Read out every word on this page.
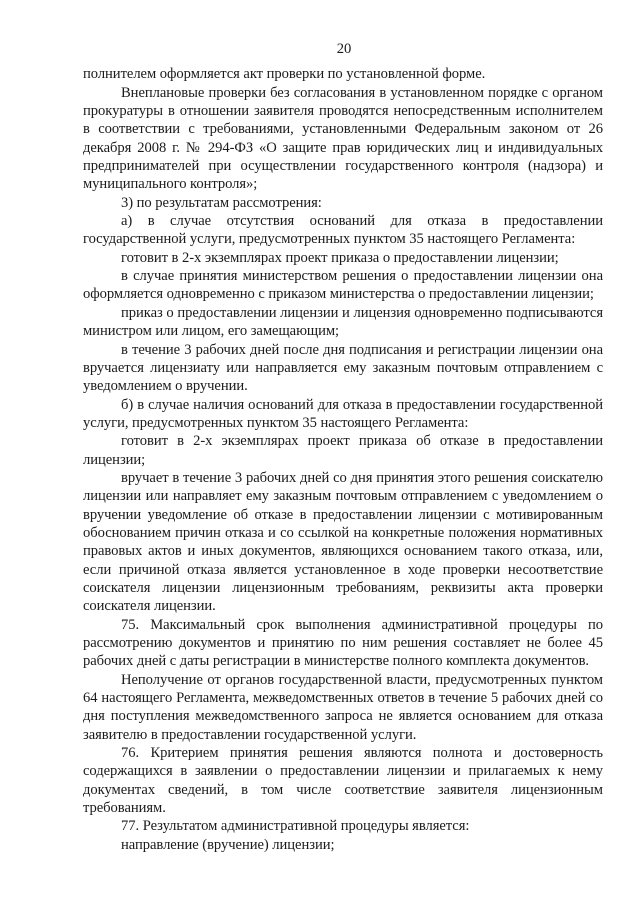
20

полнителем оформляется акт проверки по установленной форме.

Внеплановые проверки без согласования в установленном порядке с органом прокуратуры в отношении заявителя проводятся непосредственным исполнителем в соответствии с требованиями, установленными Федеральным законом от 26 декабря 2008 г. № 294-ФЗ «О защите прав юридических лиц и индивидуальных предпринимателей при осуществлении государственного контроля (надзора) и муниципального контроля»;

3) по результатам рассмотрения:

а) в случае отсутствия оснований для отказа в предоставлении государственной услуги, предусмотренных пунктом 35 настоящего Регламента:

готовит в 2-х экземплярах проект приказа о предоставлении лицензии;

в случае принятия министерством решения о предоставлении лицензии она оформляется одновременно с приказом министерства о предоставлении лицензии;

приказ о предоставлении лицензии и лицензия одновременно подписываются министром или лицом, его замещающим;

в течение 3 рабочих дней после дня подписания и регистрации лицензии она вручается лицензиату или направляется ему заказным почтовым отправлением с уведомлением о вручении.

б) в случае наличия оснований для отказа в предоставлении государственной услуги, предусмотренных пунктом 35 настоящего Регламента:

готовит в 2-х экземплярах проект приказа об отказе в предоставлении лицензии;

вручает в течение 3 рабочих дней со дня принятия этого решения соискателю лицензии или направляет ему заказным почтовым отправлением с уведомлением о вручении уведомление об отказе в предоставлении лицензии с мотивированным обоснованием причин отказа и со ссылкой на конкретные положения нормативных правовых актов и иных документов, являющихся основанием такого отказа, или, если причиной отказа является установленное в ходе проверки несоответствие соискателя лицензии лицензионным требованиям, реквизиты акта проверки соискателя лицензии.

75. Максимальный срок выполнения административной процедуры по рассмотрению документов и принятию по ним решения составляет не более 45 рабочих дней с даты регистрации в министерстве полного комплекта документов.

Неполучение от органов государственной власти, предусмотренных пунктом 64 настоящего Регламента, межведомственных ответов в течение 5 рабочих дней со дня поступления межведомственного запроса не является основанием для отказа заявителю в предоставлении государственной услуги.

76. Критерием принятия решения являются полнота и достоверность содержащихся в заявлении о предоставлении лицензии и прилагаемых к нему документах сведений, в том числе соответствие заявителя лицензионным требованиям.

77. Результатом административной процедуры является:

направление (вручение) лицензии;
